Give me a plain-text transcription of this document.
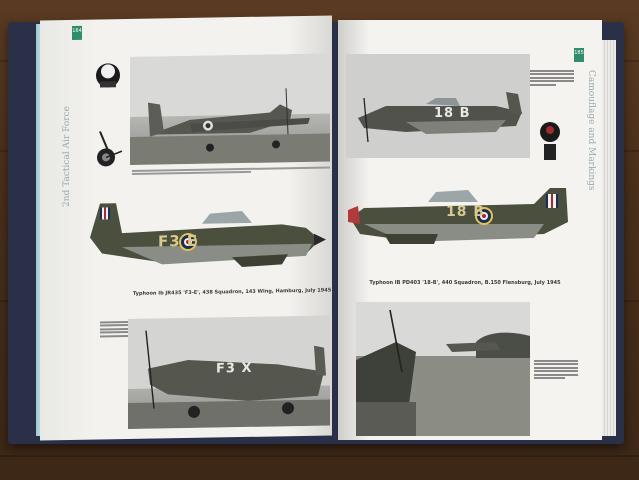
184
2nd Tactical Air Force
F3 E
Typhoon Ib JR435 'F3-E', 438 Squadron, 143 Wing, Hamburg, July 1945
F3 X
185
Camouflage and Markings
18 B
18 B
Typhoon IB PD403 '18-B', 440 Squadron, B.150 Flensburg, July 1945
